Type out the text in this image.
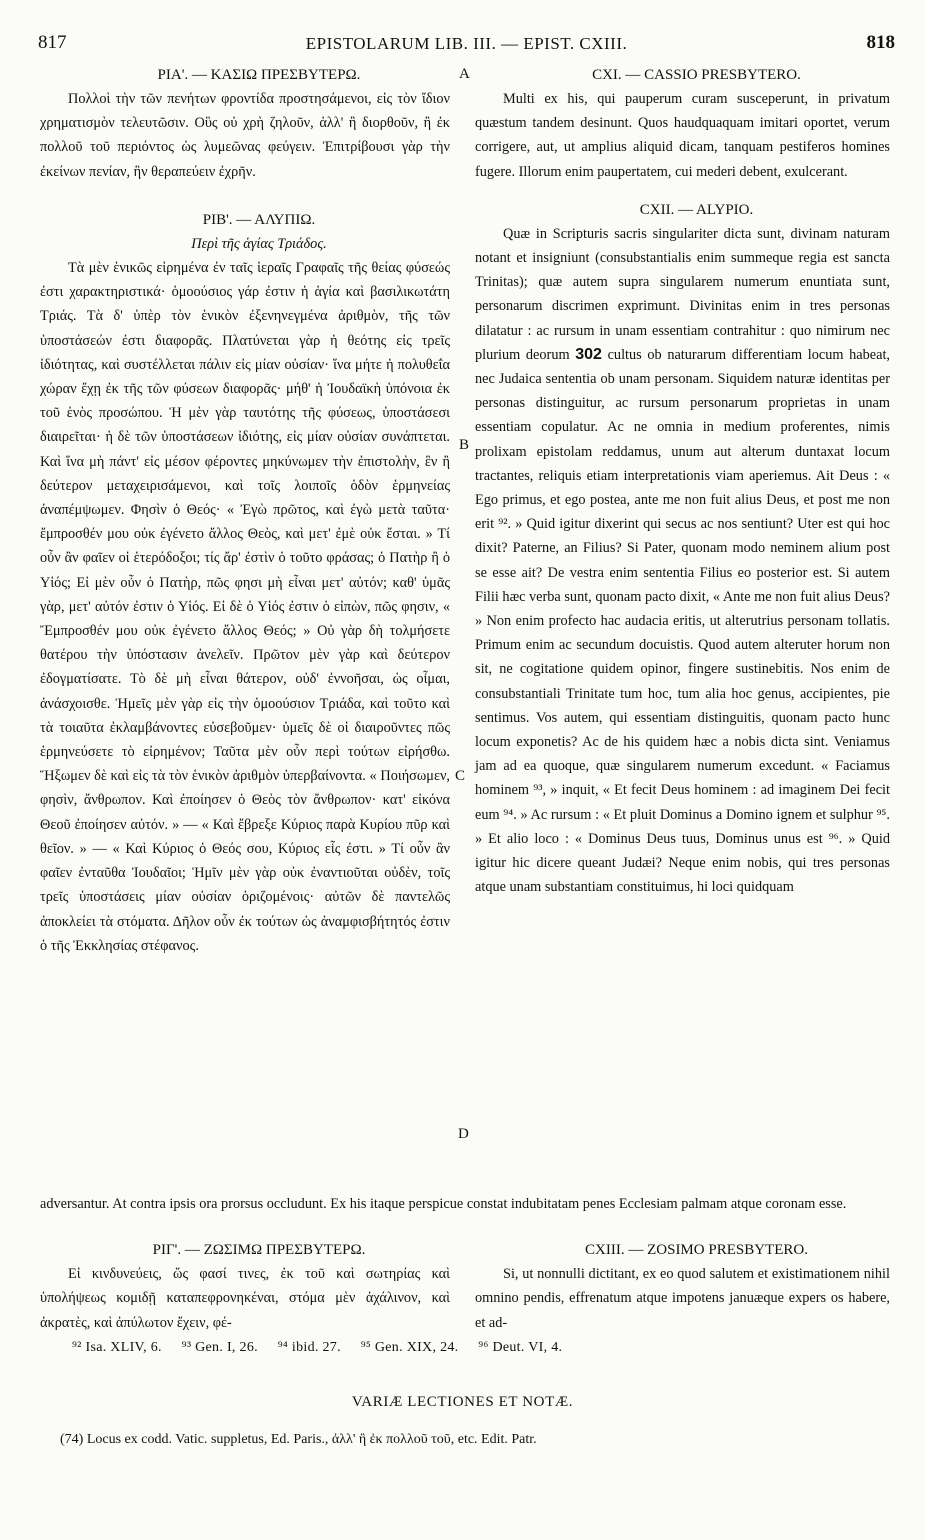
817	EPISTOLARUM LIB. III. — EPIST. CXIII.	818
A
B
C
D

ΡΙΑ'. — ΚΑΣΙΩ ΠΡΕΣΒΥΤΕΡΩ.

Πολλοὶ τὴν τῶν πενήτων φροντίδα προστησάμενοι, εἰς τὸν ἴδιον χρηματισμὸν τελευτῶσιν. Οὓς οὐ χρὴ ζηλοῦν, ἀλλ' ἢ διορθοῦν, ἢ ἐκ πολλοῦ τοῦ περιόντος ὡς λυμεῶνας φεύγειν. Ἐπιτρίβουσι γὰρ τὴν ἐκείνων πενίαν, ἣν θεραπεύειν ἐχρῆν.

ΡΙΒ'. — ΑΛΥΠΙΩ.

Περὶ τῆς ἁγίας Τριάδος.

Τὰ μὲν ἑνικῶς εἰρημένα ἐν ταῖς ἱεραῖς Γραφαῖς τῆς θείας φύσεώς ἐστι χαρακτηριστικά· ὁμοούσιος γάρ ἐστιν ἡ ἁγία καὶ βασιλικωτάτη Τριάς. Τὰ δ' ὑπὲρ τὸν ἑνικὸν ἐξενηνεγμένα ἀριθμὸν, τῆς τῶν ὑποστάσεών ἐστι διαφορᾶς. Πλατύνεται γὰρ ἡ θεότης εἰς τρεῖς ἰδιότητας, καὶ συστέλλεται πάλιν εἰς μίαν οὐσίαν· ἵνα μήτε ἡ πολυθεΐα χώραν ἔχῃ ἐκ τῆς τῶν φύσεων διαφορᾶς· μήθ' ἡ Ἰουδαϊκὴ ὑπόνοια ἐκ τοῦ ἑνὸς προσώπου. Ἡ μὲν γὰρ ταυτότης τῆς φύσεως, ὑποστάσεσι διαιρεῖται· ἡ δὲ τῶν ὑποστάσεων ἰδιότης, εἰς μίαν οὐσίαν συνάπτεται. Καὶ ἵνα μὴ πάντ' εἰς μέσον φέροντες μηκύνωμεν τὴν ἐπιστολὴν, ἓν ἢ δεύτερον μεταχειρισάμενοι, καὶ τοῖς λοιποῖς ὁδὸν ἑρμηνείας ἀναπέμψωμεν. Φησὶν ὁ Θεός· « Ἐγὼ πρῶτος, καὶ ἐγὼ μετὰ ταῦτα· ἔμπροσθέν μου οὐκ ἐγένετο ἄλλος Θεὸς, καὶ μετ' ἐμὲ οὐκ ἔσται. » Τί οὖν ἂν φαῖεν οἱ ἑτερόδοξοι; τίς ἄρ' ἐστὶν ὁ τοῦτο φράσας; ὁ Πατὴρ ἢ ὁ Υἱός; Εἰ μὲν οὖν ὁ Πατὴρ, πῶς φησι μὴ εἶναι μετ' αὐτόν; καθ' ὑμᾶς γὰρ, μετ' αὐτόν ἐστιν ὁ Υἱός. Εἰ δὲ ὁ Υἱός ἐστιν ὁ εἰπὼν, πῶς φησιν, « Ἔμπροσθέν μου οὐκ ἐγένετο ἄλλος Θεός; » Οὐ γὰρ δὴ τολμήσετε θατέρου τὴν ὑπόστασιν ἀνελεῖν. Πρῶτον μὲν γὰρ καὶ δεύτερον ἐδογματίσατε. Τὸ δὲ μὴ εἶναι θάτερον, οὐδ' ἐννοῆσαι, ὡς οἶμαι, ἀνάσχοισθε. Ἡμεῖς μὲν γὰρ εἰς τὴν ὁμοούσιον Τριάδα, καὶ τοῦτο καὶ τὰ τοιαῦτα ἐκλαμβάνοντες εὐσεβοῦμεν· ὑμεῖς δὲ οἱ διαιροῦντες πῶς ἑρμηνεύσετε τὸ εἰρημένον; Ταῦτα μὲν οὖν περὶ τούτων εἰρήσθω. Ἥξωμεν δὲ καὶ εἰς τὰ τὸν ἑνικὸν ἀριθμὸν ὑπερβαίνοντα. « Ποιήσωμεν, φησὶν, ἄνθρωπον. Καὶ ἐποίησεν ὁ Θεὸς τὸν ἄνθρωπον· κατ' εἰκόνα Θεοῦ ἐποίησεν αὐτόν. » — « Καὶ ἔβρεξε Κύριος παρὰ Κυρίου πῦρ καὶ θεῖον. » — « Καὶ Κύριος ὁ Θεός σου, Κύριος εἷς ἐστι. » Τί οὖν ἂν φαῖεν ἐνταῦθα Ἰουδαῖοι; Ἡμῖν μὲν γὰρ οὐκ ἐναντιοῦται οὐδὲν, τοῖς τρεῖς ὑποστάσεις μίαν οὐσίαν ὁριζομένοις· αὐτῶν δὲ παντελῶς ἀποκλείει τὰ στόματα. Δῆλον οὖν ἐκ τούτων ὡς ἀναμφισβήτητός ἐστιν ὁ τῆς Ἐκκλησίας στέφανος.

CXI. — CASSIO PRESBYTERO.

Multi ex his, qui pauperum curam susceperunt, in privatum quæstum tandem desinunt. Quos haudquaquam imitari oportet, verum corrigere, aut, ut amplius aliquid dicam, tanquam pestiferos homines fugere. Illorum enim paupertatem, cui mederi debent, exulcerant.

CXII. — ALYPIO.

Quæ in Scripturis sacris singulariter dicta sunt, divinam naturam notant et insigniunt (consubstantialis enim summeque regia est sancta Trinitas); quæ autem supra singularem numerum enuntiata sunt, personarum discrimen exprimunt. Divinitas enim in tres personas dilatatur : ac rursum in unam essentiam contrahitur : quo nimirum nec plurium deorum 302 cultus ob naturarum differentiam locum habeat, nec Judaica sententia ob unam personam. Siquidem naturæ identitas per personas distinguitur, ac rursum personarum proprietas in unam essentiam copulatur. Ac ne omnia in medium proferentes, nimis prolixam epistolam reddamus, unum aut alterum duntaxat locum tractantes, reliquis etiam interpretationis viam aperiemus. Ait Deus : « Ego primus, et ego postea, ante me non fuit alius Deus, et post me non erit ⁹². » Quid igitur dixerint qui secus ac nos sentiunt? Uter est qui hoc dixit? Paterne, an Filius? Si Pater, quonam modo neminem alium post se esse ait? De vestra enim sententia Filius eo posterior est. Si autem Filii hæc verba sunt, quonam pacto dixit, « Ante me non fuit alius Deus? » Non enim profecto hac audacia eritis, ut alterutrius personam tollatis. Primum enim ac secundum docuistis. Quod autem alteruter horum non sit, ne cogitatione quidem opinor, fingere sustinebitis. Nos enim de consubstantiali Trinitate tum hoc, tum alia hoc genus, accipientes, pie sentimus. Vos autem, qui essentiam distinguitis, quonam pacto hunc locum exponetis? Ac de his quidem hæc a nobis dicta sint. Veniamus jam ad ea quoque, quæ singularem numerum excedunt. « Faciamus hominem ⁹³, » inquit, « Et fecit Deus hominem : ad imaginem Dei fecit eum ⁹⁴. » Ac rursum : « Et pluit Dominus a Domino ignem et sulphur ⁹⁵. » Et alio loco : « Dominus Deus tuus, Dominus unus est ⁹⁶. » Quid igitur hic dicere queant Judæi? Neque enim nobis, qui tres personas atque unam substantiam constituimus, hi loci quidquam

adversantur. At contra ipsis ora prorsus occludunt. Ex his itaque perspicue constat indubitatam penes Ecclesiam palmam atque coronam esse.

ΡΙΓ'. — ΖΩΣΙΜΩ ΠΡΕΣΒΥΤΕΡΩ.

Εἰ κινδυνεύεις, ὥς φασί τινες, ἐκ τοῦ καὶ σωτηρίας καὶ ὑπολήψεως κομιδῇ καταπεφρονηκέναι, στόμα μὲν ἀχάλινον, καὶ ἀκρατὲς, καὶ ἀπύλωτον ἔχειν, φέ-

CXIII. — ZOSIMO PRESBYTERO.

Si, ut nonnulli dictitant, ex eo quod salutem et existimationem nihil omnino pendis, effrenatum atque impotens januæque expers os habere, et ad-

⁹² Isa. XLIV, 6. ⁹³ Gen. I, 26. ⁹⁴ ibid. 27. ⁹⁵ Gen. XIX, 24. ⁹⁶ Deut. VI, 4.
VARIÆ LECTIONES ET NOTÆ.
(74) Locus ex codd. Vatic. suppletus, Ed. Paris., ἀλλ' ἢ ἐκ πολλοῦ τοῦ, etc. Edit. Patr.
